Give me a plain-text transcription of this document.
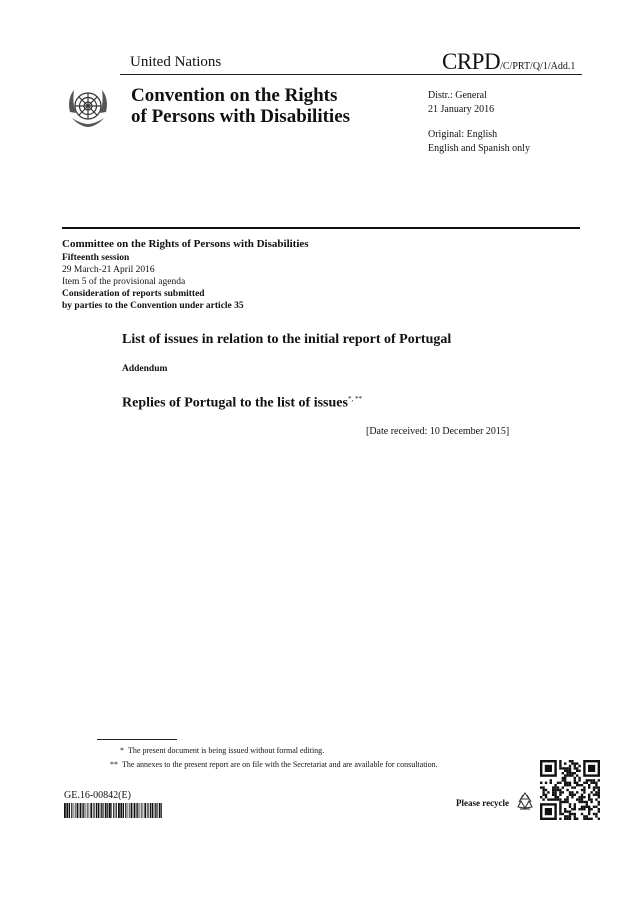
United Nations	CRPD/C/PRT/Q/1/Add.1
Convention on the Rights
of Persons with Disabilities
Distr.: General
21 January 2016
Original: English
English and Spanish only
Committee on the Rights of Persons with Disabilities
Fifteenth session
29 March-21 April 2016
Item 5 of the provisional agenda
Consideration of reports submitted
by parties to the Convention under article 35
List of issues in relation to the initial report of Portugal
Addendum
Replies of Portugal to the list of issues*, **
[Date received: 10 December 2015]
* The present document is being issued without formal editing.
** The annexes to the present report are on file with the Secretariat and are available for consultation.
GE.16-00842(E)
Please recycle
